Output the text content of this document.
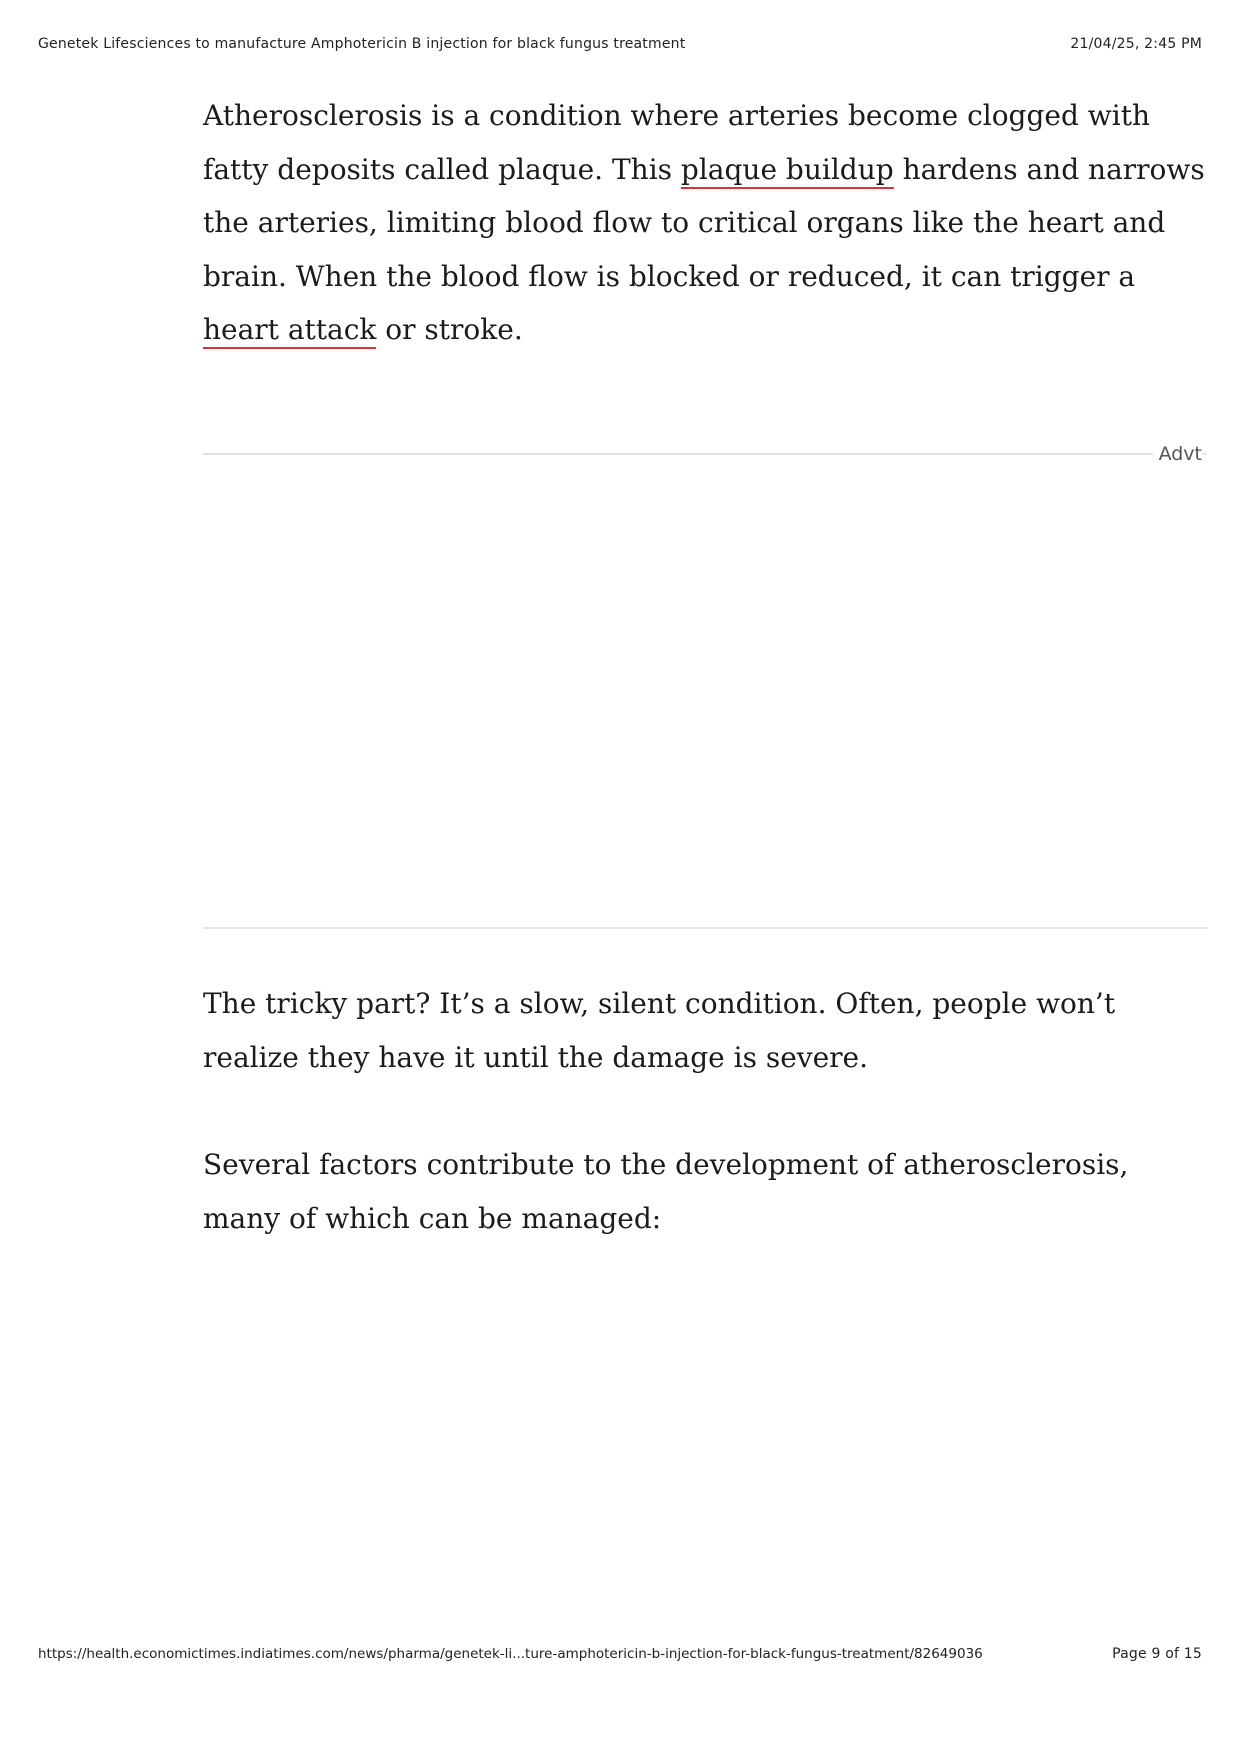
Genetek Lifesciences to manufacture Amphotericin B injection for black fungus treatment	21/04/25, 2:45 PM

Atherosclerosis is a condition where arteries become clogged with fatty deposits called plaque. This plaque buildup hardens and narrows the arteries, limiting blood flow to critical organs like the heart and brain. When the blood flow is blocked or reduced, it can trigger a heart attack or stroke.

Advt

The tricky part? It’s a slow, silent condition. Often, people won’t realize they have it until the damage is severe.

Several factors contribute to the development of atherosclerosis, many of which can be managed:

https://health.economictimes.indiatimes.com/news/pharma/genetek-li...ture-amphotericin-b-injection-for-black-fungus-treatment/82649036	Page 9 of 15
